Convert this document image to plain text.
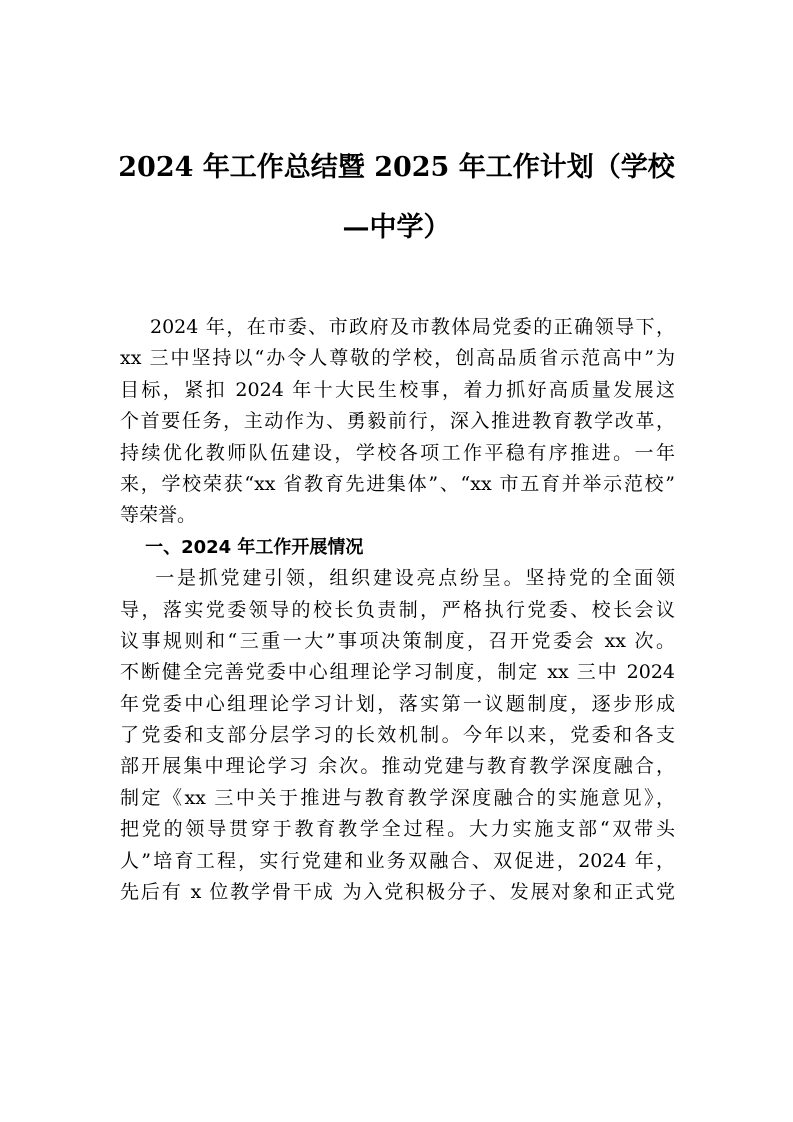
2024 年工作总结暨 2025 年工作计划（学校
—中学）
2024 年，在市委、市政府及市教体局党委的正确领导下，
xx 三中坚持以“办令人尊敬的学校，创高品质省示范高中”为
目标，紧扣 2024 年十大民生校事，着力抓好高质量发展这
个首要任务，主动作为、勇毅前行，深入推进教育教学改革，
持续优化教师队伍建设，学校各项工作平稳有序推进。一年
来，学校荣获“xx 省教育先进集体”、“xx 市五育并举示范校”
等荣誉。
一、2024 年工作开展情况
一是抓党建引领，组织建设亮点纷呈。坚持党的全面领
导，落实党委领导的校长负责制，严格执行党委、校长会议
议事规则和“三重一大”事项决策制度，召开党委会 xx 次。
不断健全完善党委中心组理论学习制度，制定 xx 三中 2024
年党委中心组理论学习计划，落实第一议题制度，逐步形成
了党委和支部分层学习的长效机制。今年以来，党委和各支
部开展集中理论学习 余次。推动党建与教育教学深度融合，
制定《xx 三中关于推进与教育教学深度融合的实施意见》，
把党的领导贯穿于教育教学全过程。大力实施支部“双带头
人”培育工程，实行党建和业务双融合、双促进，2024 年，
先后有 x 位教学骨干成 为入党积极分子、发展对象和正式党
